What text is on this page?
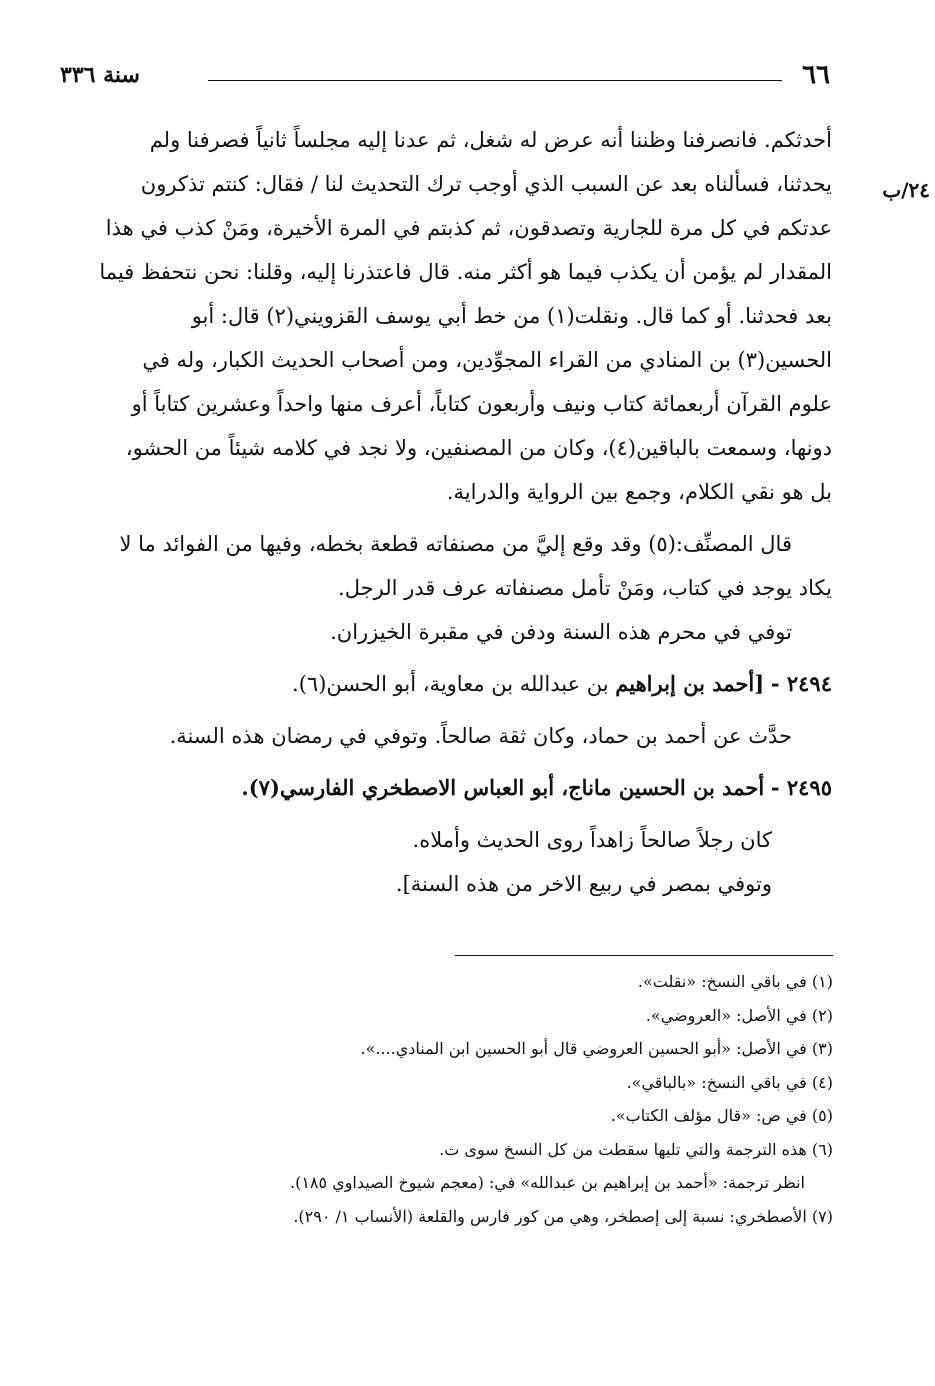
٦٦
سنة ٣٣٦
٢٤/ب

أحدثكم. فانصرفنا وظننا أنه عرض له شغل، ثم عدنا إليه مجلساً ثانياً فصرفنا ولم

يحدثنا، فسألناه بعد عن السبب الذي أوجب ترك التحديث لنا / فقال: كنتم تذكرون

عدتكم في كل مرة للجارية وتصدقون، ثم كذبتم في المرة الأخيرة، ومَنْ كذب في هذا

المقدار لم يؤمن أن يكذب فيما هو أكثر منه. قال فاعتذرنا إليه، وقلنا: نحن نتحفظ فيما

بعد فحدثنا. أو كما قال. ونقلت(١) من خط أبي يوسف القزويني(٢) قال: أبو

الحسين(٣) بن المنادي من القراء المجوِّدين، ومن أصحاب الحديث الكبار، وله في

علوم القرآن أربعمائة كتاب ونيف وأربعون كتاباً، أعرف منها واحداً وعشرين كتاباً أو

دونها، وسمعت بالباقين(٤)، وكان من المصنفين، ولا نجد في كلامه شيئاً من الحشو،

بل هو نقي الكلام، وجمع بين الرواية والدراية.

قال المصنِّف:(٥) وقد وقع إليَّ من مصنفاته قطعة بخطه، وفيها من الفوائد ما لا

يكاد يوجد في كتاب، ومَنْ تأمل مصنفاته عرف قدر الرجل.

توفي في محرم هذه السنة ودفن في مقبرة الخيزران.

٢٤٩٤ - [أحمد بن إبراهيم بن عبدالله بن معاوية، أبو الحسن(٦).

حدَّث عن أحمد بن حماد، وكان ثقة صالحاً. وتوفي في رمضان هذه السنة.

٢٤٩٥ - أحمد بن الحسين ماناج، أبو العباس الاصطخري الفارسي(٧).

كان رجلاً صالحاً زاهداً روى الحديث وأملاه.

وتوفي بمصر في ربيع الاخر من هذه السنة].

(١) في باقي النسخ: «نقلت».

(٢) في الأصل: «العروضي».

(٣) في الأصل: «أبو الحسين العروضي قال أبو الحسين ابن المنادي....».

(٤) في باقي النسخ: «بالباقي».

(٥) في ص: «قال مؤلف الكتاب».

(٦) هذه الترجمة والتي تليها سقطت من كل النسخ سوى ت.

انظر ترجمة: «أحمد بن إبراهيم بن عبدالله» في: (معجم شيوخ الصيداوي ١٨٥).

(٧) الأصطخري: نسبة إلى إصطخر، وهي من كور فارس والقلعة (الأنساب ١/ ٢٩٠).
